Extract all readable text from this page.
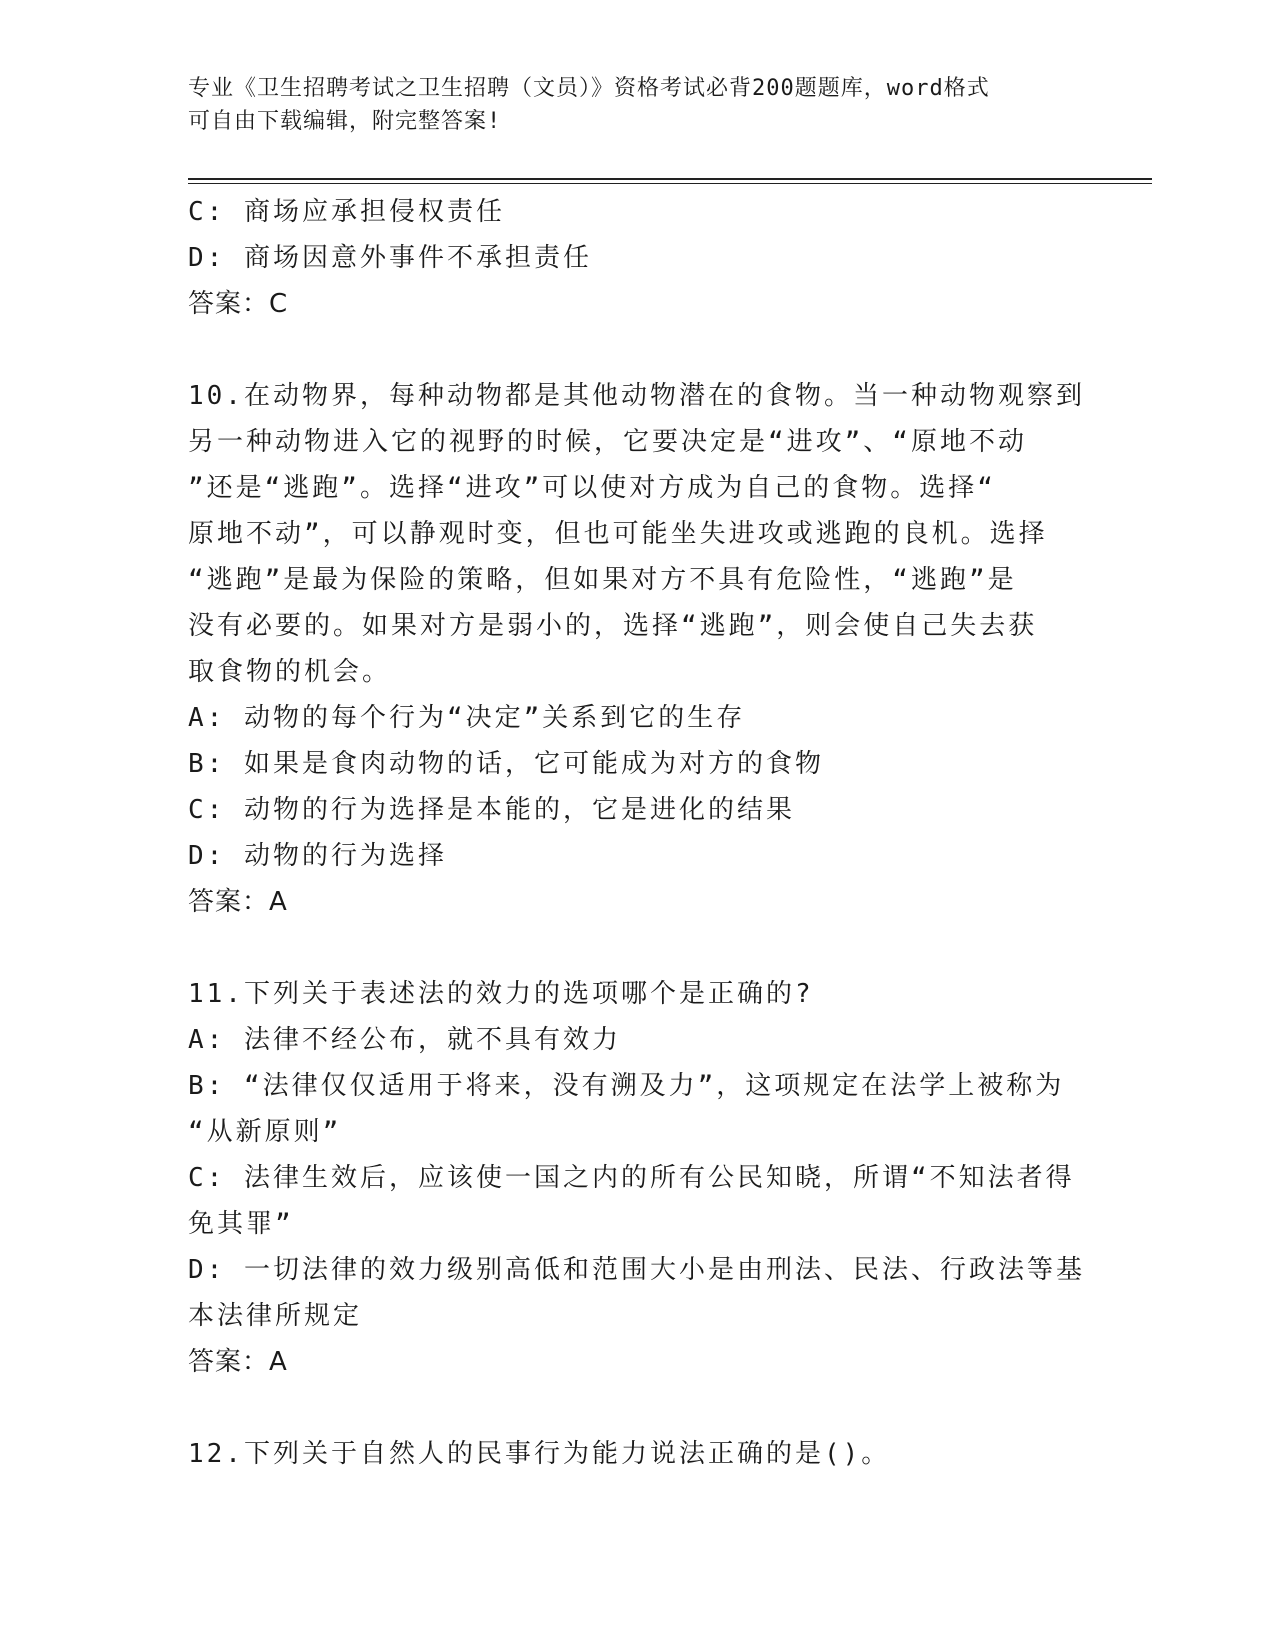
专业《卫生招聘考试之卫生招聘（文员）》资格考试必背200题题库，word格式
可自由下载编辑，附完整答案!
C: 商场应承担侵权责任
D: 商场因意外事件不承担责任
答案：C
10.在动物界，每种动物都是其他动物潜在的食物。当一种动物观察到
另一种动物进入它的视野的时候，它要决定是“进攻”、“原地不动
”还是“逃跑”。选择“进攻”可以使对方成为自己的食物。选择“
原地不动”，可以静观时变，但也可能坐失进攻或逃跑的良机。选择
“逃跑”是最为保险的策略，但如果对方不具有危险性，“逃跑”是
没有必要的。如果对方是弱小的，选择“逃跑”，则会使自己失去获
取食物的机会。
A: 动物的每个行为“决定”关系到它的生存
B: 如果是食肉动物的话，它可能成为对方的食物
C: 动物的行为选择是本能的，它是进化的结果
D: 动物的行为选择
答案：A
11.下列关于表述法的效力的选项哪个是正确的?
A: 法律不经公布，就不具有效力
B: “法律仅仅适用于将来，没有溯及力”，这项规定在法学上被称为
“从新原则”
C: 法律生效后，应该使一国之内的所有公民知晓，所谓“不知法者得
免其罪”
D: 一切法律的效力级别高低和范围大小是由刑法、民法、行政法等基
本法律所规定
答案：A
12.下列关于自然人的民事行为能力说法正确的是()。
